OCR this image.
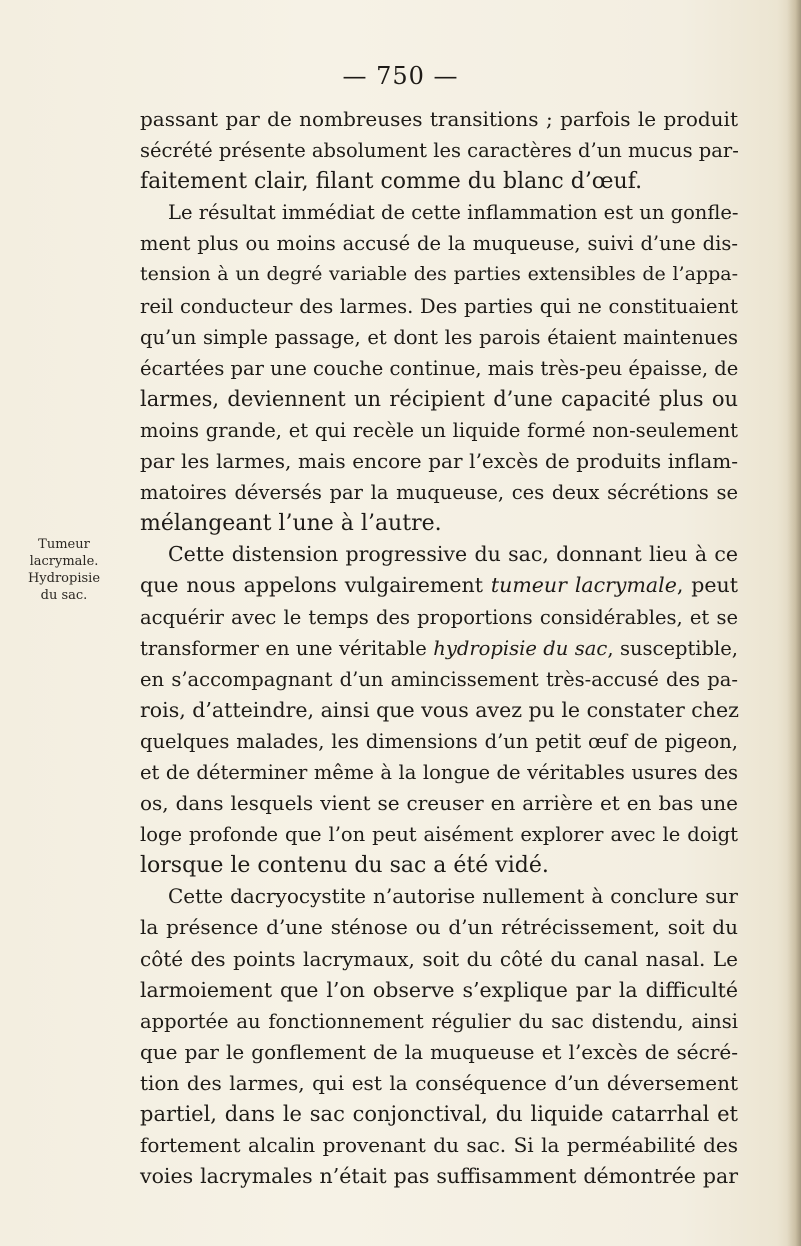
— 750 —
Tumeur
lacrymale.
Hydropisie
du sac.
passant par de nombreuses transitions ; parfois le produit
sécrété présente absolument les caractères d’un mucus par-
faitement clair, filant comme du blanc d’œuf.
Le résultat immédiat de cette inflammation est un gonfle-
ment plus ou moins accusé de la muqueuse, suivi d’une dis-
tension à un degré variable des parties extensibles de l’appa-
reil conducteur des larmes. Des parties qui ne constituaient
qu’un simple passage, et dont les parois étaient maintenues
écartées par une couche continue, mais très-peu épaisse, de
larmes, deviennent un récipient d’une capacité plus ou
moins grande, et qui recèle un liquide formé non-seulement
par les larmes, mais encore par l’excès de produits inflam-
matoires déversés par la muqueuse, ces deux sécrétions se
mélangeant l’une à l’autre.
Cette distension progressive du sac, donnant lieu à ce
que nous appelons vulgairement tumeur lacrymale, peut
acquérir avec le temps des proportions considérables, et se
transformer en une véritable hydropisie du sac, susceptible,
en s’accompagnant d’un amincissement très-accusé des pa-
rois, d’atteindre, ainsi que vous avez pu le constater chez
quelques malades, les dimensions d’un petit œuf de pigeon,
et de déterminer même à la longue de véritables usures des
os, dans lesquels vient se creuser en arrière et en bas une
loge profonde que l’on peut aisément explorer avec le doigt
lorsque le contenu du sac a été vidé.
Cette dacryocystite n’autorise nullement à conclure sur
la présence d’une sténose ou d’un rétrécissement, soit du
côté des points lacrymaux, soit du côté du canal nasal. Le
larmoiement que l’on observe s’explique par la difficulté
apportée au fonctionnement régulier du sac distendu, ainsi
que par le gonflement de la muqueuse et l’excès de sécré-
tion des larmes, qui est la conséquence d’un déversement
partiel, dans le sac conjonctival, du liquide catarrhal et
fortement alcalin provenant du sac. Si la perméabilité des
voies lacrymales n’était pas suffisamment démontrée par
